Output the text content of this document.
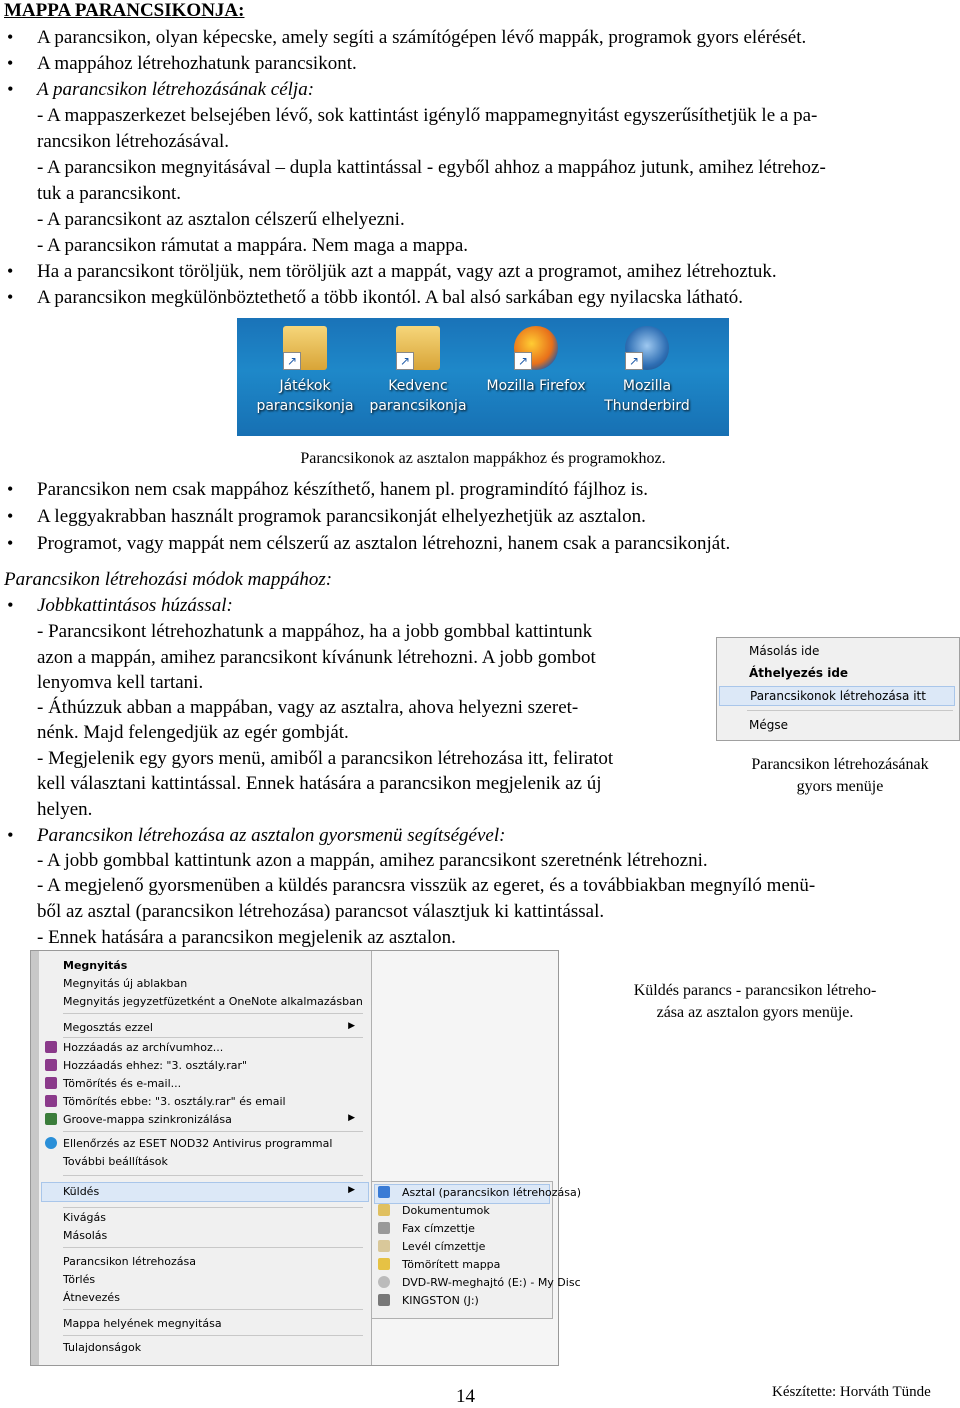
MAPPA PARANCSIKONJA:
• A parancsikon, olyan képecske, amely segíti a számítógépen lévő mappák, programok gyors elérését.
• A mappához létrehozhatunk parancsikont.
• A parancsikon létrehozásának célja:
- A mappaszerkezet belsejében lévő, sok kattintást igénylő mappamegnyitást egyszerűsíthetjük le a pa-
rancsikon létrehozásával.
- A parancsikon megnyitásával – dupla kattintással - egyből ahhoz a mappához jutunk, amihez létrehoz-
tuk a parancsikont.
- A parancsikont az asztalon célszerű elhelyezni.
- A parancsikon rámutat a mappára. Nem maga a mappa.
• Ha a parancsikont töröljük, nem töröljük azt a mappát, vagy azt a programot, amihez létrehoztuk.
• A parancsikon megkülönböztethető a több ikontól. A bal alsó sarkában egy nyilacska látható.
↗
Játékok
parancsikonja
↗
Kedvenc
parancsikonja
↗
Mozilla Firefox
↗
Mozilla
Thunderbird
Parancsikonok az asztalon mappákhoz és programokhoz.
• Parancsikon nem csak mappához készíthető, hanem pl. programindító fájlhoz is.
• A leggyakrabban használt programok parancsikonját elhelyezhetjük az asztalon.
• Programot, vagy mappát nem célszerű az asztalon létrehozni, hanem csak a parancsikonját.
Parancsikon létrehozási módok mappához:
• Jobbkattintásos húzással:
- Parancsikont létrehozhatunk a mappához, ha a jobb gombbal kattintunk
azon a mappán, amihez parancsikont kívánunk létrehozni. A jobb gombot
lenyomva kell tartani.
- Áthúzzuk abban a mappában, vagy az asztalra, ahova helyezni szeret-
nénk. Majd felengedjük az egér gombját.
- Megjelenik egy gyors menü, amiből a parancsikon létrehozása itt, feliratot
kell választani kattintással. Ennek hatására a parancsikon megjelenik az új
helyen.
Másolás ide
Áthelyezés ide
Parancsikonok létrehozása itt
Mégse
Parancsikon létrehozásának
gyors menüje
• Parancsikon létrehozása az asztalon gyorsmenü segítségével:
- A jobb gombbal kattintunk azon a mappán, amihez parancsikont szeretnénk létrehozni.
- A megjelenő gyorsmenüben a küldés parancsra visszük az egeret, és a továbbiakban megnyíló menü-
ből az asztal (parancsikon létrehozása) parancsot választjuk ki kattintással.
- Ennek hatására a parancsikon megjelenik az asztalon.
Megnyitás
Megnyitás új ablakban
Megnyitás jegyzetfüzetként a OneNote alkalmazásban
Megosztás ezzel	▶
Hozzáadás az archívumhoz...
Hozzáadás ehhez: "3. osztály.rar"
Tömörítés és e-mail...
Tömörítés ebbe: "3. osztály.rar" és email
Groove-mappa szinkronizálása	▶
Ellenőrzés az ESET NOD32 Antivirus programmal
További beállítások
Küldés	▶
Kivágás
Másolás
Parancsikon létrehozása
Törlés
Átnevezés
Mappa helyének megnyitása
Tulajdonságok
Asztal (parancsikon létrehozása)
Dokumentumok
Fax címzettje
Levél címzettje
Tömörített mappa
DVD-RW-meghajtó (E:) - My Disc
KINGSTON (J:)
Küldés parancs - parancsikon létreho-
zása az asztalon gyors menüje.
14	Készítette: Horváth Tünde
